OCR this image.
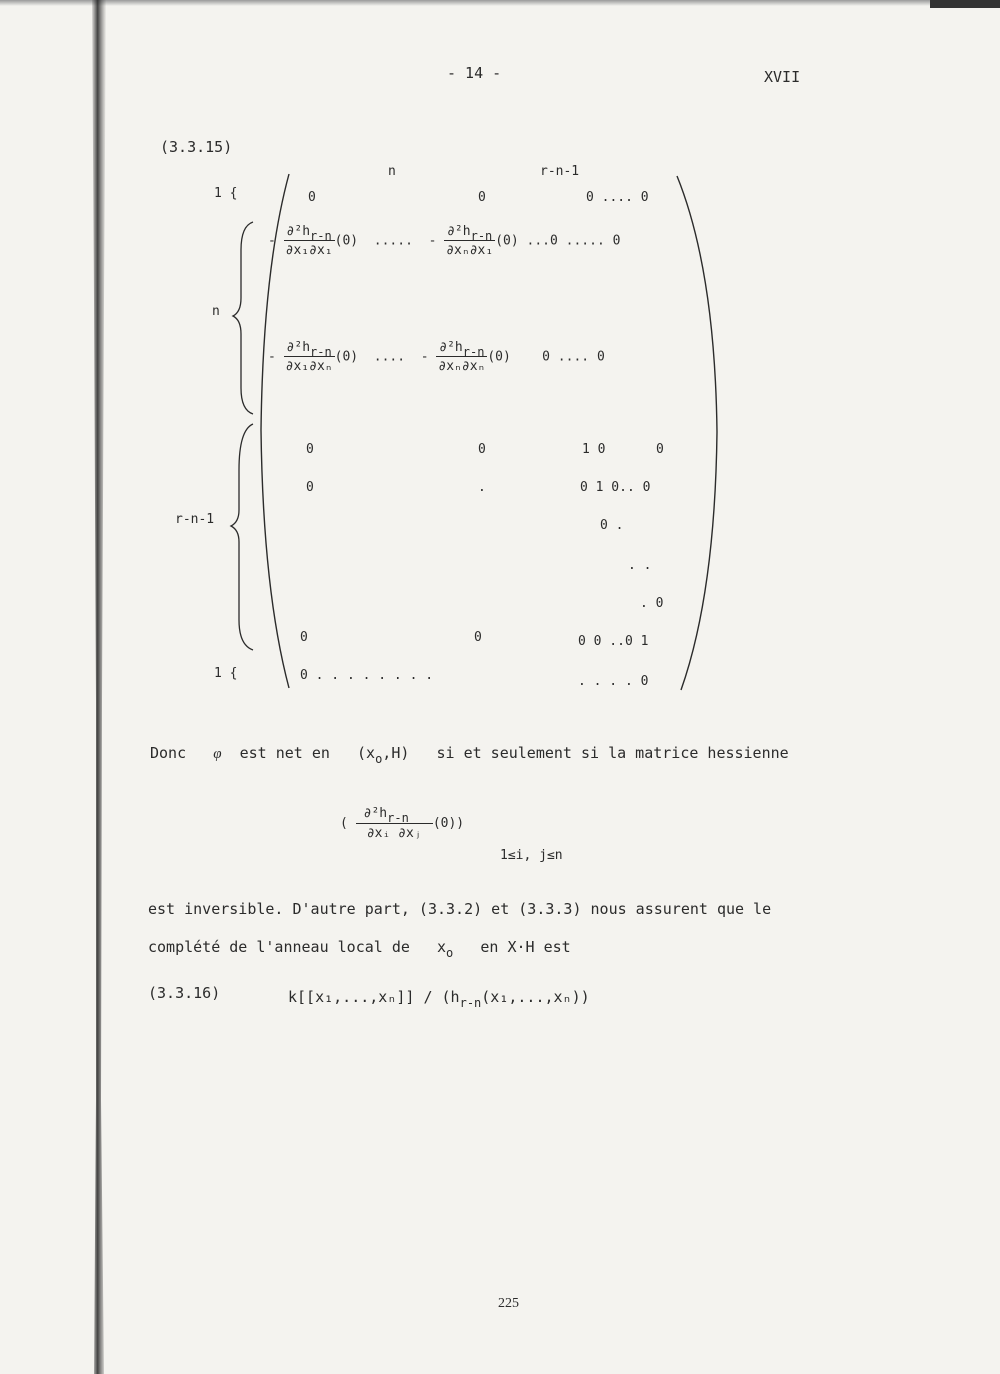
- 14 -	XVII
(3.3.15)
n	r-n-1
1 {
n
r-n-1
1 {
0	0	0 .... 0
- $\frac{\text{∂²hr-n}}{\text{∂x₁∂x₁}} (0)$ ..... - $\frac{\text{∂²hr-n}}{\text{∂xₙ∂x₁}} (0)$ ...0 ..... 0
- $\frac{\text{∂²hr-n}}{\text{∂x₁∂xₙ}} (0)$ .... - $\frac{\text{∂²hr-n}}{\text{∂xₙ∂xₙ}} (0)$ 0 .... 0
0	0	1 0	0
0	.	0 1 0.. 0
0 .
. .
. 0
0	0	0 0 ..0 1
0 . . . . . . . .	. . . . 0
Donc φ est net en $(x_o,H)$ si et seulement si la matrice hessienne
( $\frac{\text{∂²hr-n}}{\text{∂xᵢ ∂xⱼ}} (0)$)
1≤i, j≤n
est inversible. D'autre part, (3.3.2) et (3.3.3) nous assurent que le
complété de l'anneau local de $x_o$ en X·H est
(3.3.16)	$k[[x_1,...,x_n]] / (h_{r-n}(x_1,...,x_n))$
225
